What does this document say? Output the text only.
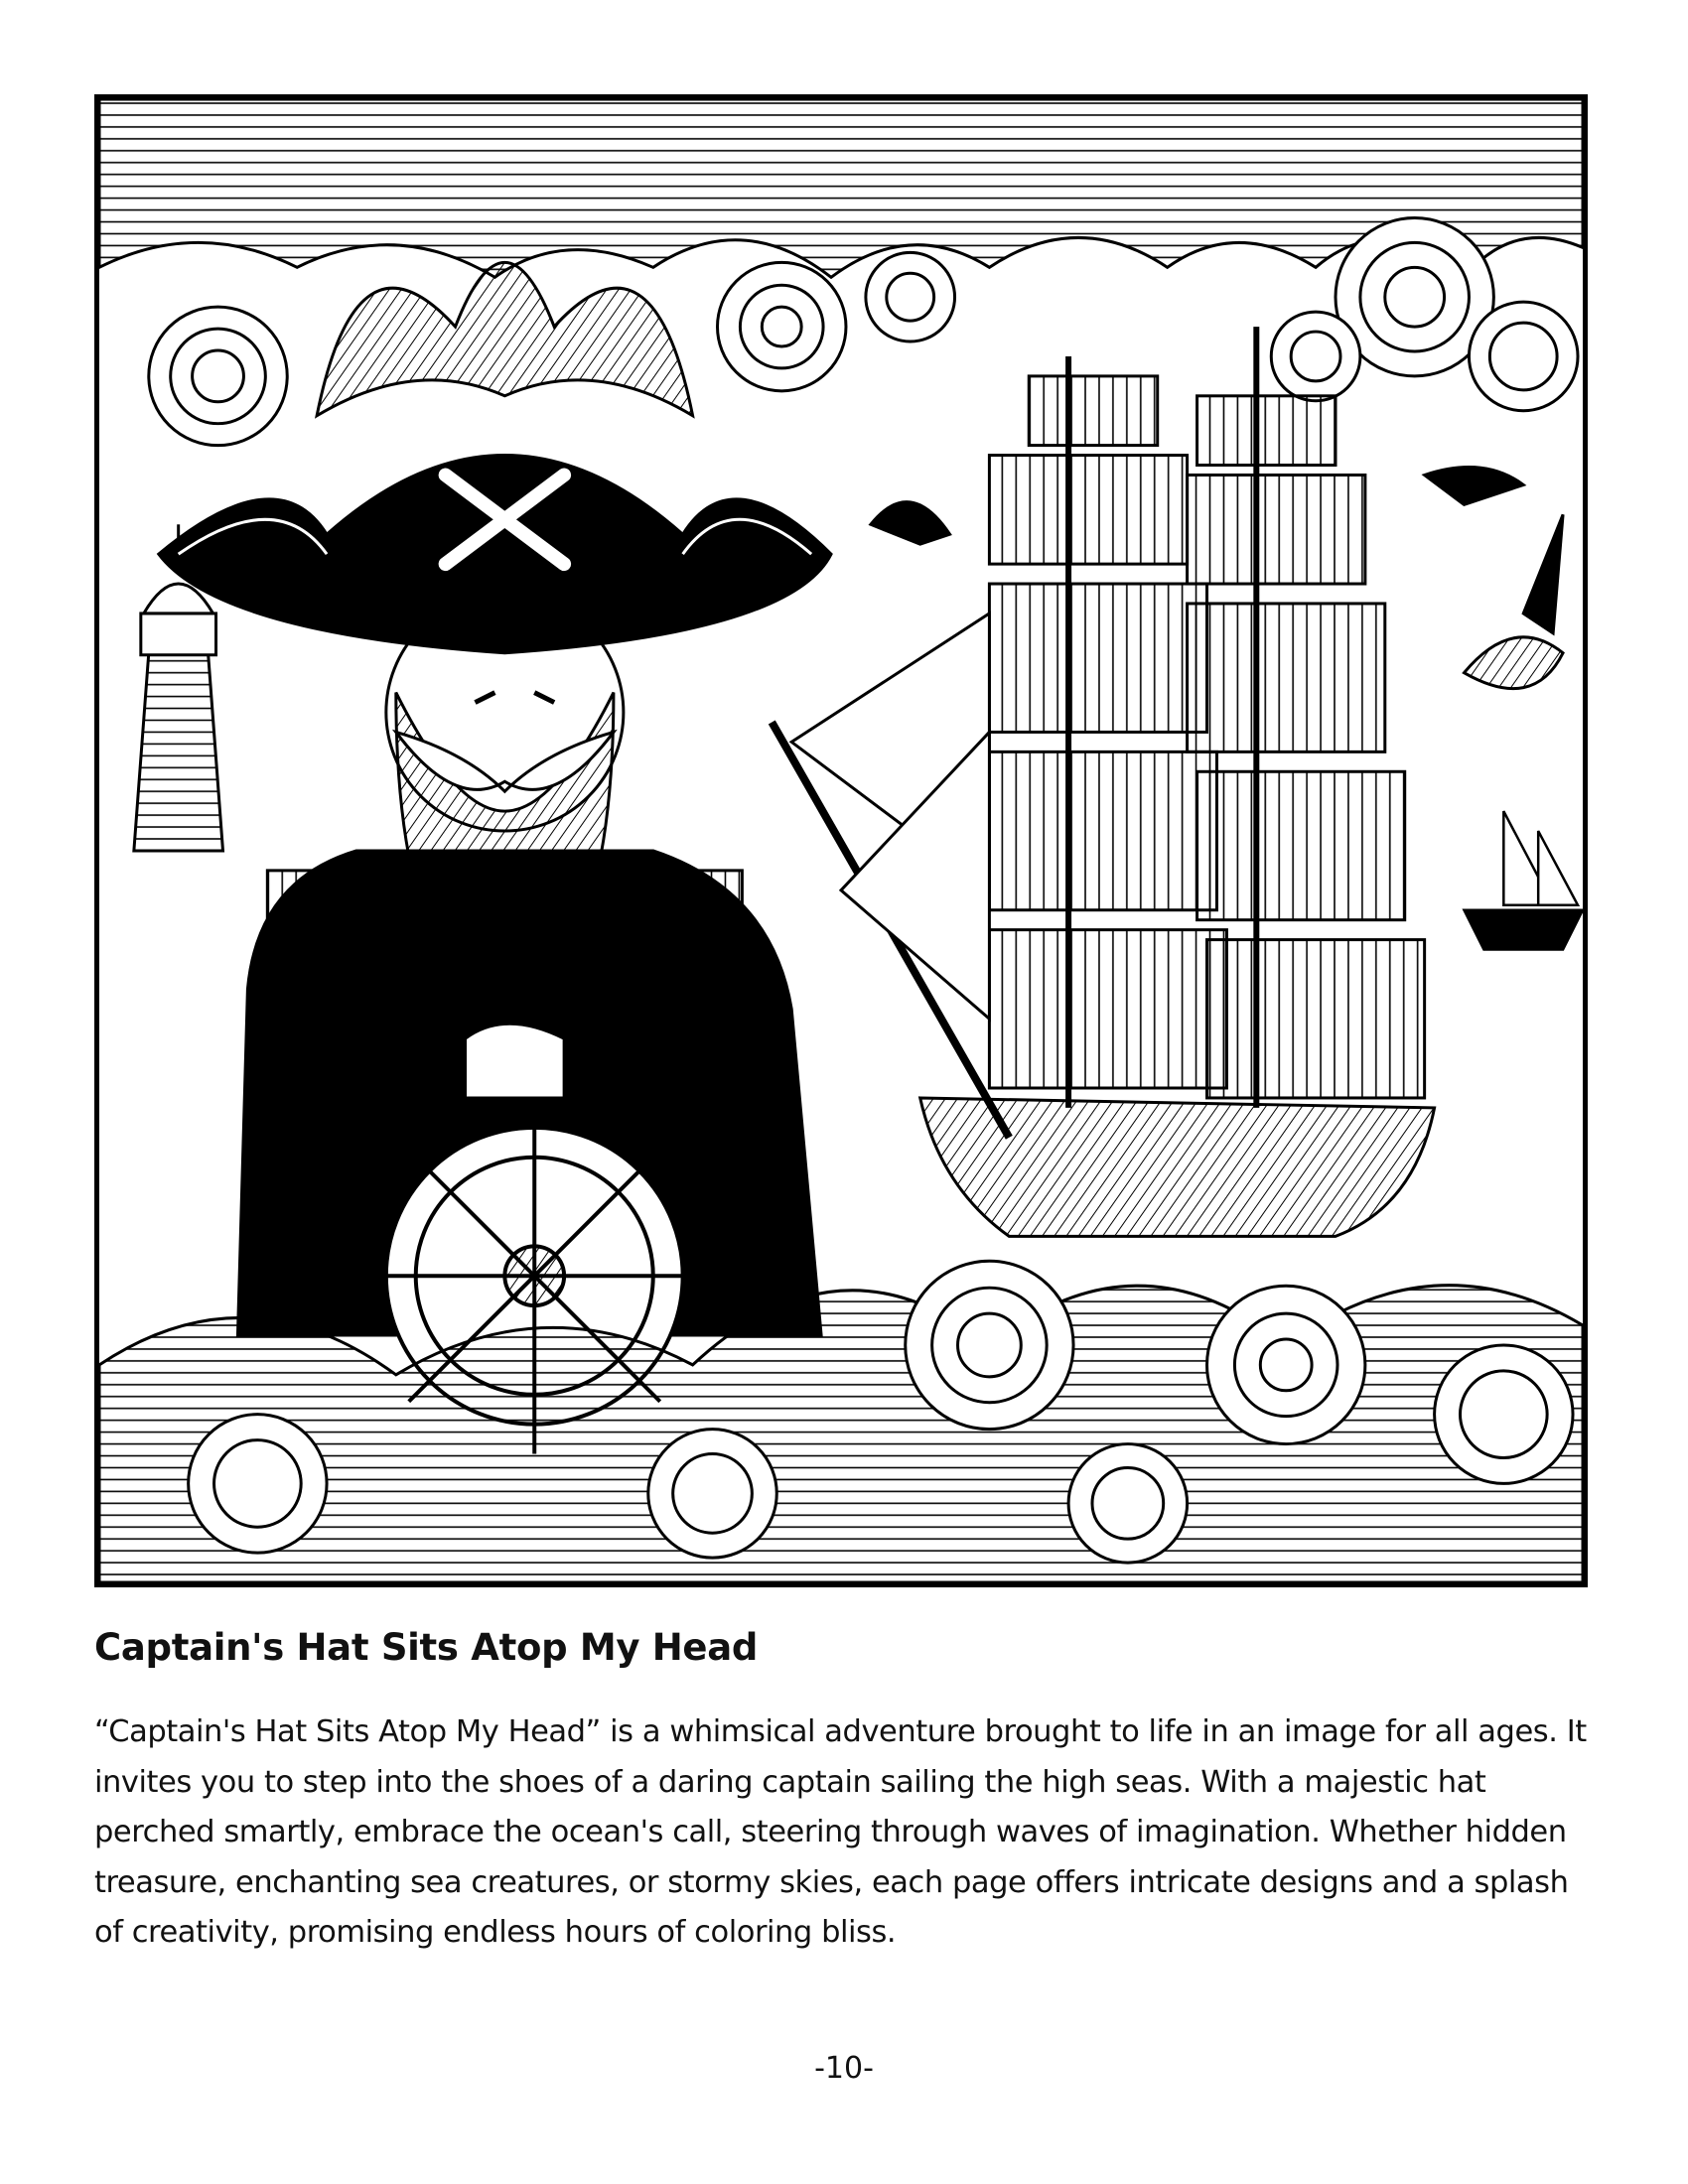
Captain's Hat Sits Atop My Head

“Captain's Hat Sits Atop My Head” is a whimsical adventure brought to life in an image for all ages. It invites you to step into the shoes of a daring captain sailing the high seas. With a majestic hat perched smartly, embrace the ocean's call, steering through waves of imagination. Whether hidden treasure, enchanting sea creatures, or stormy skies, each page offers intricate designs and a splash of creativity, promising endless hours of coloring bliss.

-10-
